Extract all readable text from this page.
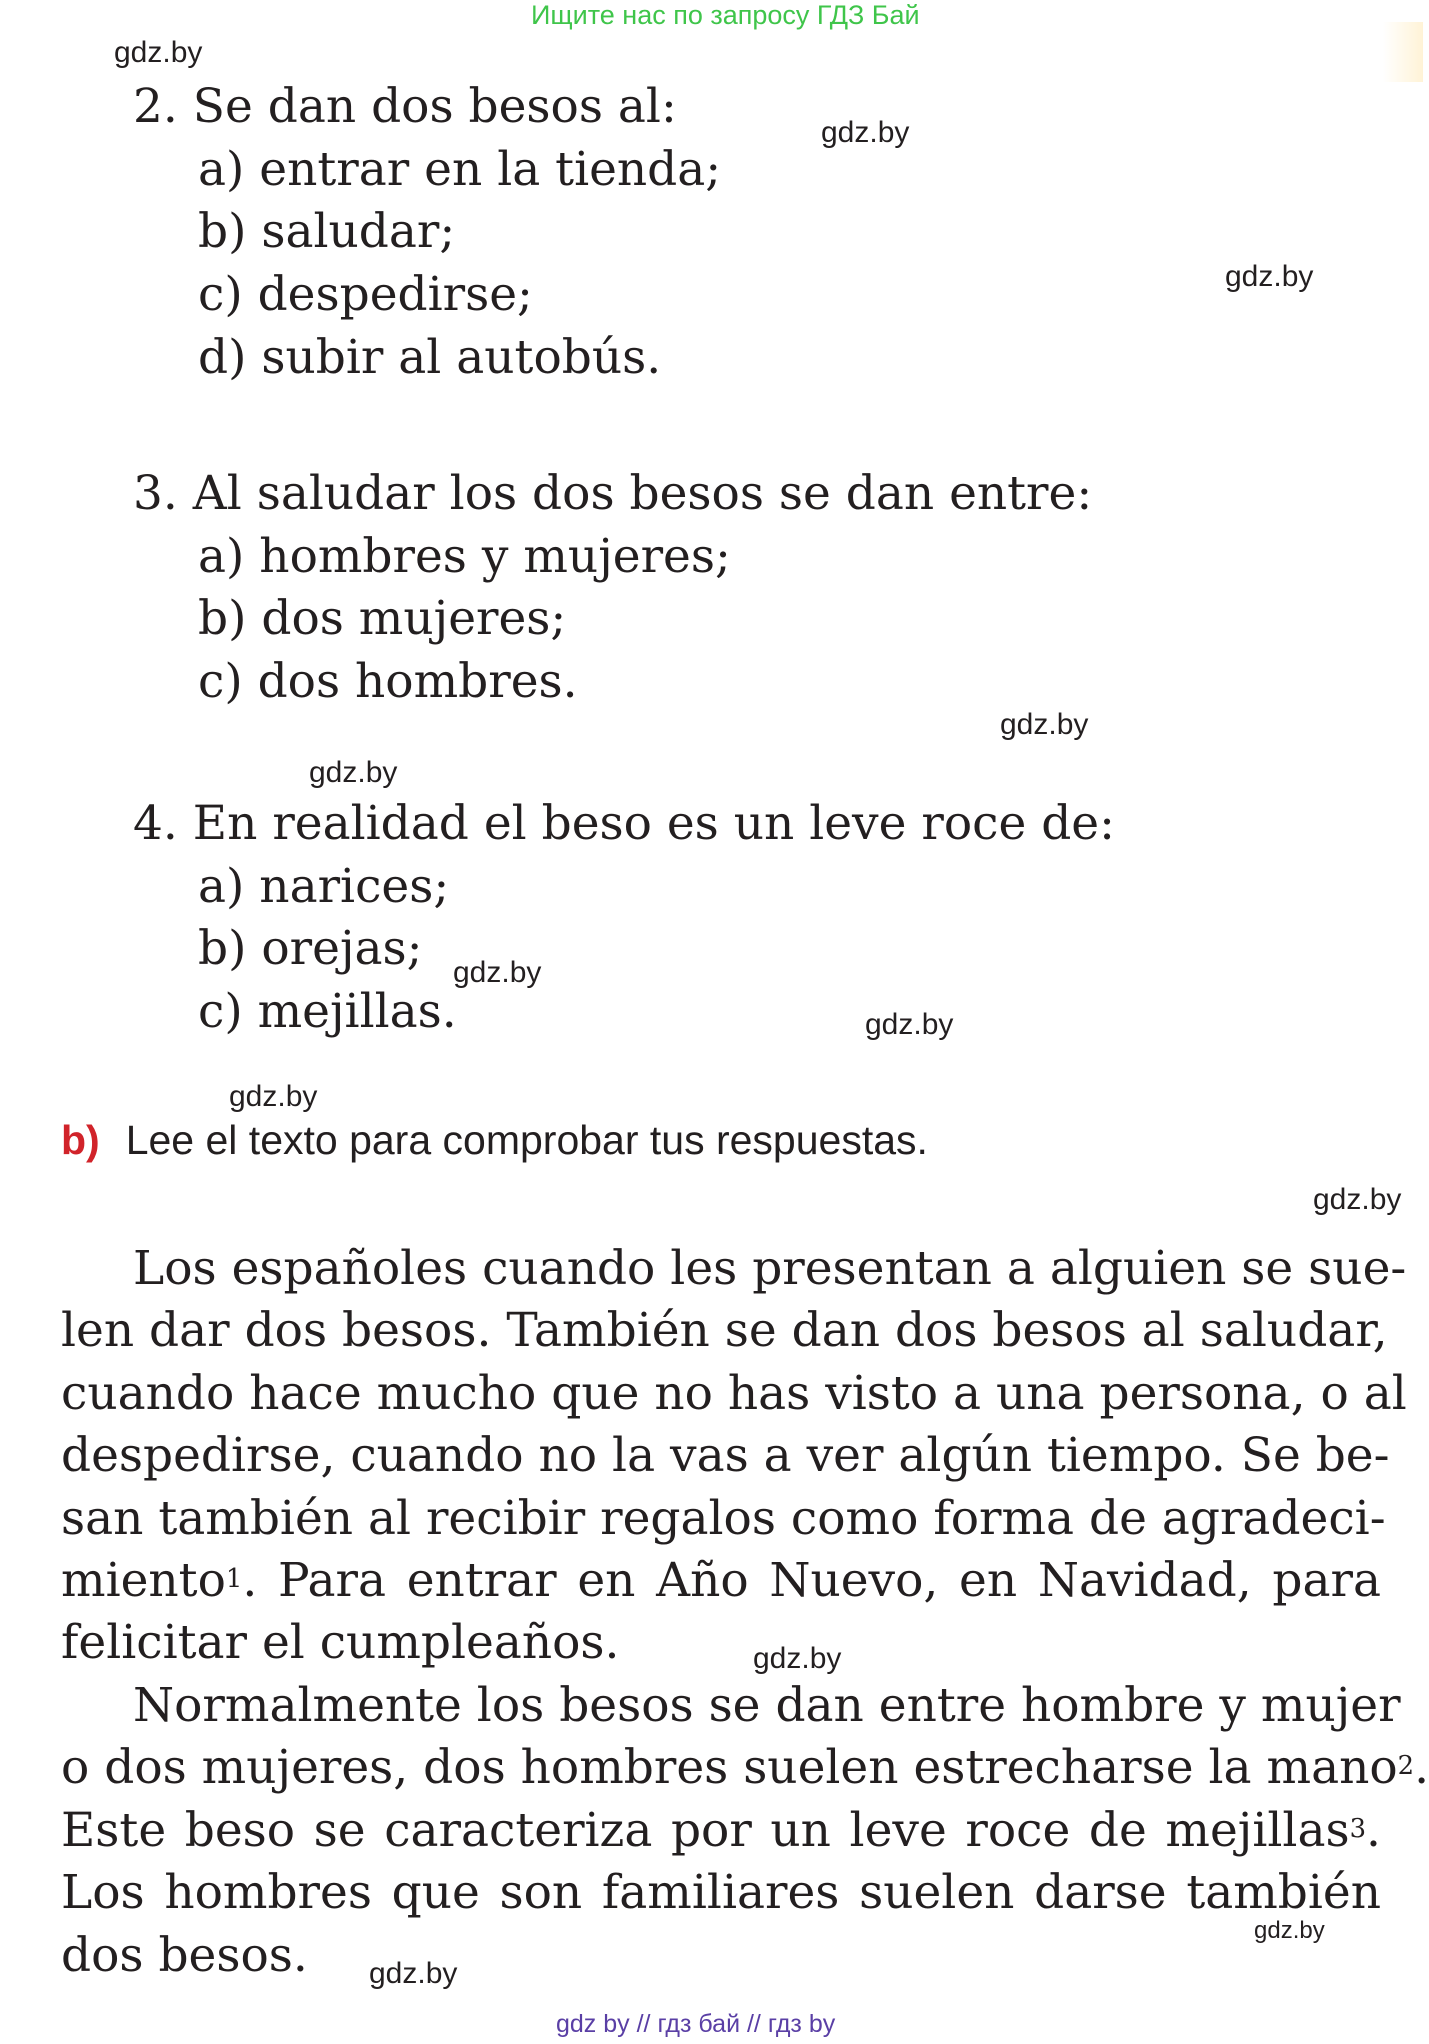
Ищите нас по запросу ГДЗ Бай
gdz.by
gdz.by
gdz.by
gdz.by
gdz.by
gdz.by
gdz.by
gdz.by
gdz.by
gdz.by
gdz.by
gdz.by
2. Se dan dos besos al:
a) entrar en la tienda;
b) saludar;
c) despedirse;
d) subir al autobús.
3. Al saludar los dos besos se dan entre:
a) hombres y mujeres;
b) dos mujeres;
c) dos hombres.
4. En realidad el beso es un leve roce de:
a) narices;
b) orejas;
c) mejillas.
b) Lee el texto para comprobar tus respuestas.
Los españoles cuando les presentan a alguien se sue-
len dar dos besos. También se dan dos besos al saludar,
cuando hace mucho que no has visto a una persona, o al
despedirse, cuando no la vas a ver algún tiempo. Se be-
san también al recibir regalos como forma de agradeci-
miento$^1$. Para entrar en Año Nuevo, en Navidad, para
felicitar el cumpleaños.
Normalmente los besos se dan entre hombre y mujer
o dos mujeres, dos hombres suelen estrecharse la mano$^2$.
Este beso se caracteriza por un leve roce de mejillas$^3$.
Los hombres que son familiares suelen darse también
dos besos.
gdz by // гдз бай // гдз by
